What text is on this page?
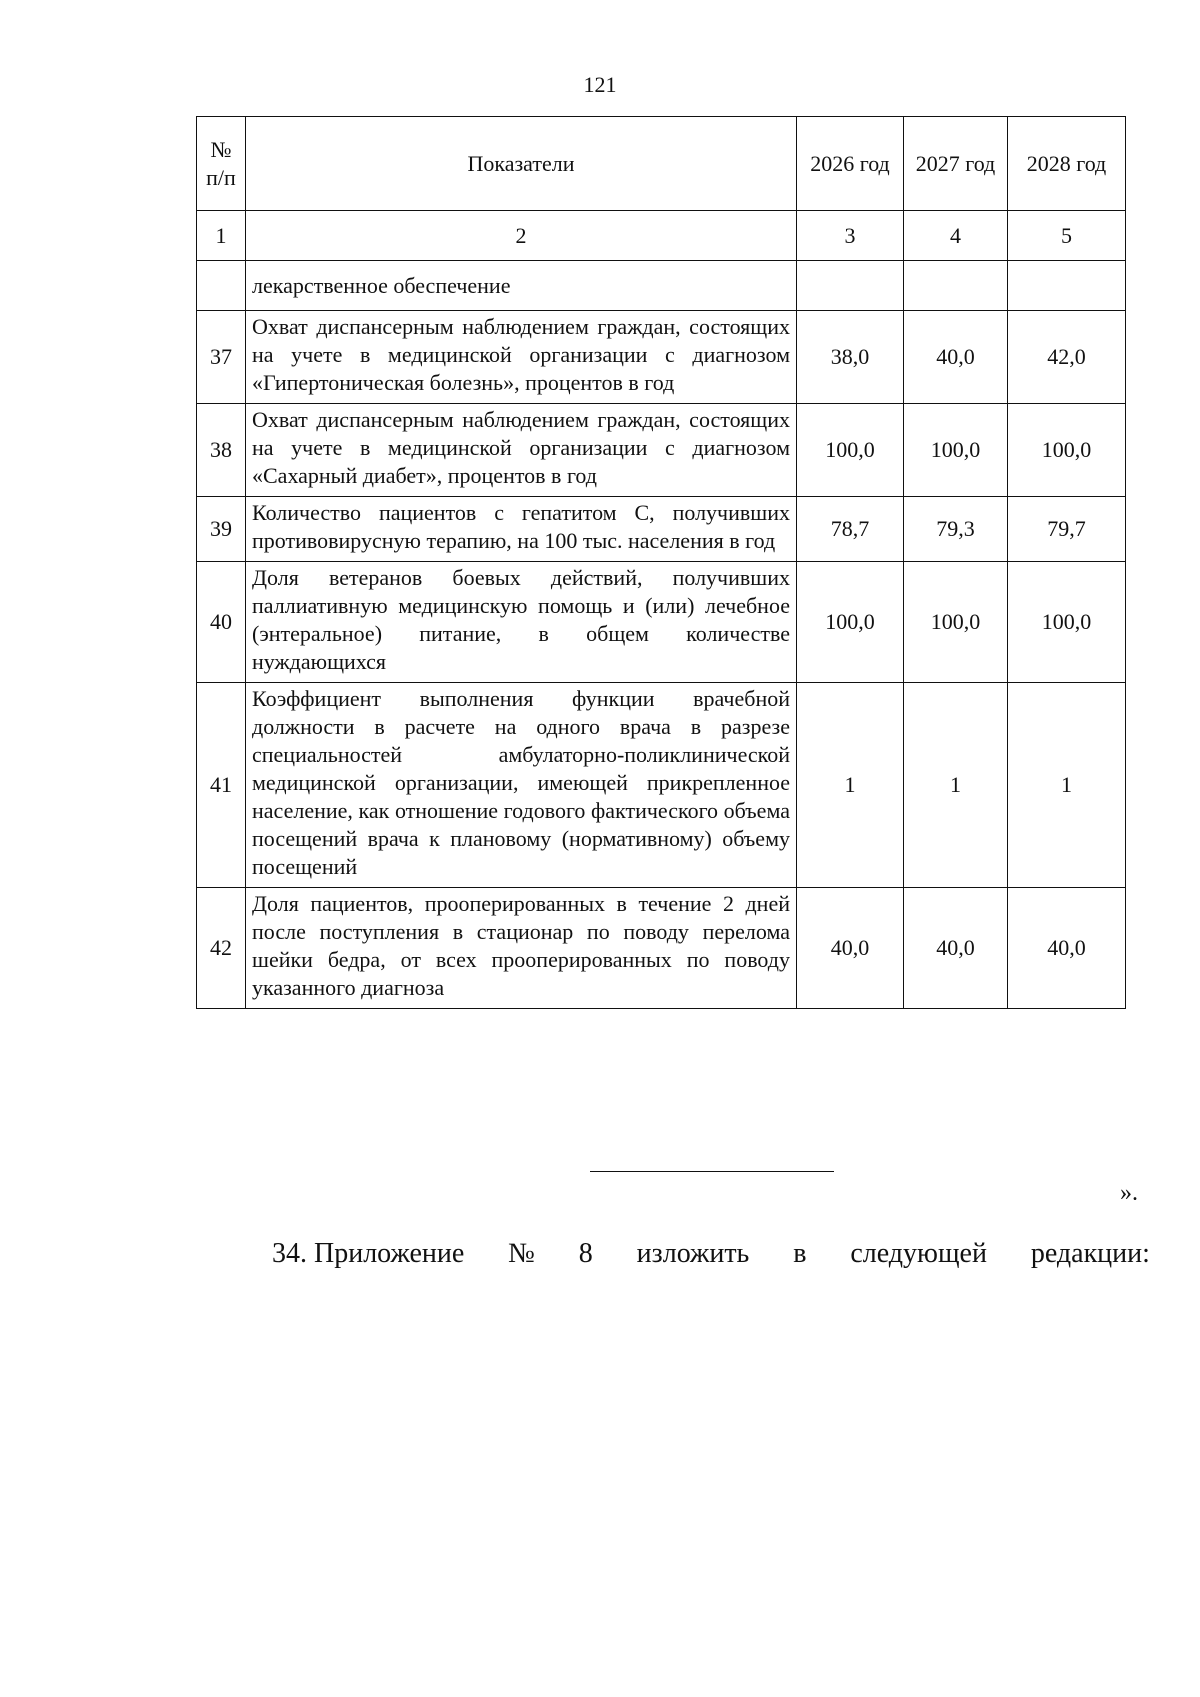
121
№ п/п	Показатели	2026 год	2027 год	2028 год
1	2	3	4	5
	лекарственное обеспечение			
37	Охват диспансерным наблюдением граждан, состоящих на учете в медицинской организации с диагнозом «Гипертоническая болезнь», процентов в год	38,0	40,0	42,0
38	Охват диспансерным наблюдением граждан, состоящих на учете в медицинской организации с диагнозом «Сахарный диабет», процентов в год	100,0	100,0	100,0
39	Количество пациентов с гепатитом С, получивших противовирусную терапию, на 100 тыс. населения в год	78,7	79,3	79,7
40	Доля ветеранов боевых действий, получивших паллиативную медицинскую помощь и (или) лечебное (энтеральное) питание, в общем количестве нуждающихся	100,0	100,0	100,0
41	Коэффициент выполнения функции врачебной должности в расчете на одного врача в разрезе специальностей амбулаторно-поликлинической медицинской организации, имеющей прикрепленное население, как отношение годового фактического объема посещений врача к плановому (нормативному) объему посещений	1	1	1
42	Доля пациентов, прооперированных в течение 2 дней после поступления в стационар по поводу перелома шейки бедра, от всех прооперированных по поводу указанного диагноза	40,0	40,0	40,0
».
34. Приложение № 8 изложить в следующей редакции:
